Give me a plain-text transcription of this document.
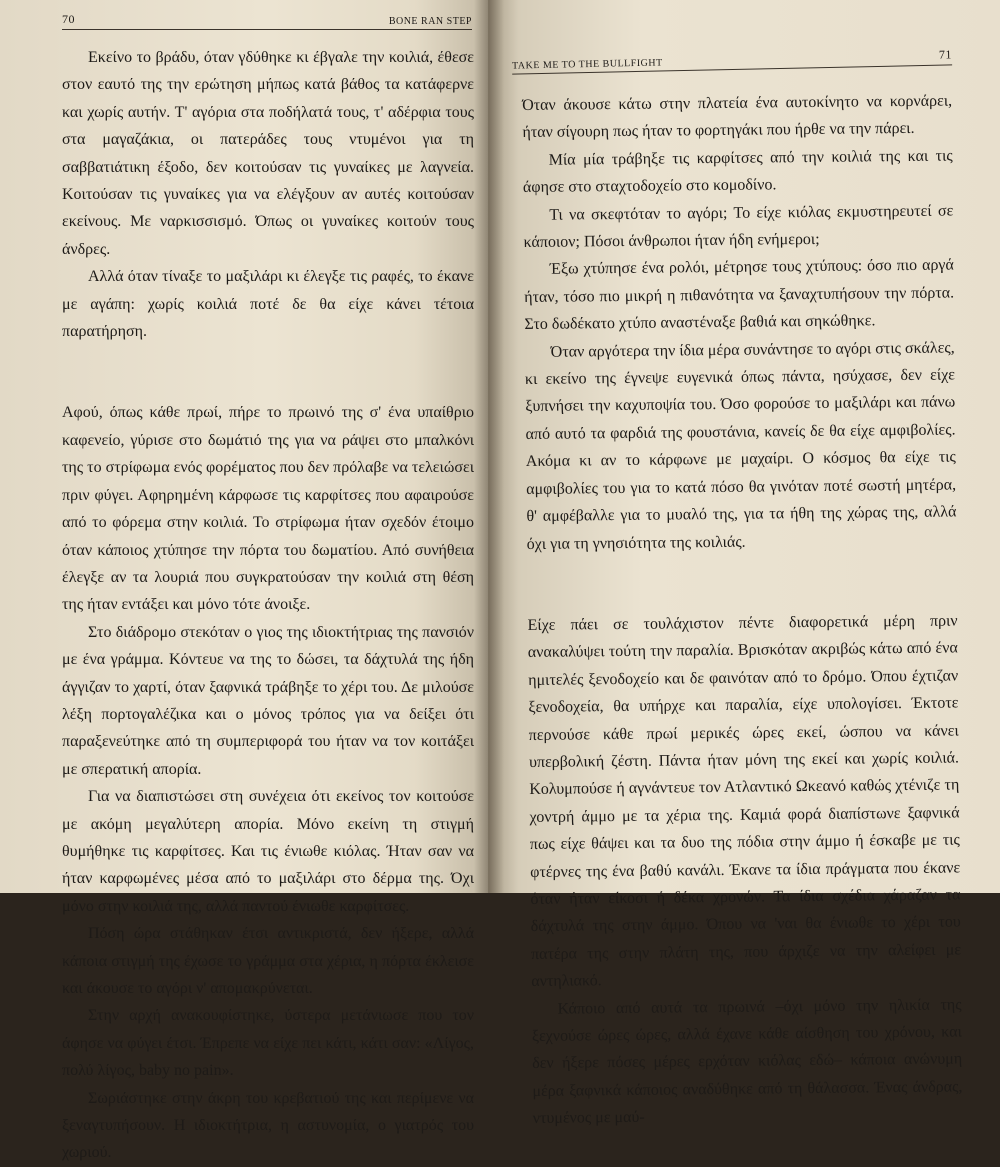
70	BONE RAN STEP

Εκείνο το βράδυ, όταν γδύθηκε κι έβγαλε την κοιλιά, έθεσε στον εαυτό της την ερώτηση μήπως κατά βάθος τα κατάφερνε και χωρίς αυτήν. Τ' αγόρια στα ποδήλατά τους, τ' αδέρφια τους στα μαγαζάκια, οι πατεράδες τους ντυμένοι για τη σαββατιάτικη έξοδο, δεν κοιτούσαν τις γυναίκες με λαγνεία. Κοιτούσαν τις γυναίκες για να ελέγξουν αν αυτές κοιτούσαν εκείνους. Με ναρκισσισμό. Όπως οι γυναίκες κοιτούν τους άνδρες.

Αλλά όταν τίναξε το μαξιλάρι κι έλεγξε τις ραφές, το έκανε με αγάπη: χωρίς κοιλιά ποτέ δε θα είχε κάνει τέτοια παρατήρηση.

Αφού, όπως κάθε πρωί, πήρε το πρωινό της σ' ένα υπαίθριο καφενείο, γύρισε στο δωμάτιό της για να ράψει στο μπαλκόνι της το στρίφωμα ενός φορέματος που δεν πρόλαβε να τελειώσει πριν φύγει. Αφηρημένη κάρφωσε τις καρφίτσες που αφαιρούσε από το φόρεμα στην κοιλιά. Το στρίφωμα ήταν σχεδόν έτοιμο όταν κάποιος χτύπησε την πόρτα του δωματίου. Από συνήθεια έλεγξε αν τα λουριά που συγκρατούσαν την κοιλιά στη θέση της ήταν εντάξει και μόνο τότε άνοιξε.

Στο διάδρομο στεκόταν ο γιος της ιδιοκτήτριας της πανσιόν με ένα γράμμα. Κόντευε να της το δώσει, τα δάχτυλά της ήδη άγγιζαν το χαρτί, όταν ξαφνικά τράβηξε το χέρι του. Δε μιλούσε λέξη πορτογαλέζικα και ο μόνος τρόπος για να δείξει ότι παραξενεύτηκε από τη συμπεριφορά του ήταν να τον κοιτάξει με σπερατική απορία.

Για να διαπιστώσει στη συνέχεια ότι εκείνος τον κοιτούσε με ακόμη μεγαλύτερη απορία. Μόνο εκείνη τη στιγμή θυμήθηκε τις καρφίτσες. Και τις ένιωθε κιόλας. Ήταν σαν να ήταν καρφωμένες μέσα από το μαξιλάρι στο δέρμα της. Όχι μόνο στην κοιλιά της, αλλά παντού ένιωθε καρφίτσες.

Πόση ώρα στάθηκαν έτσι αντικριστά, δεν ήξερε, αλλά κάποια στιγμή της έχωσε το γράμμα στα χέρια, η πόρτα έκλεισε και άκουσε το αγόρι ν' απομακρύνεται.

Στην αρχή ανακουφίστηκε, ύστερα μετάνιωσε που τον άφησε να φύγει έτσι. Έπρεπε να είχε πει κάτι, κάτι σαν: «Λίγος, πολύ λίγος, baby no pain».

Σωριάστηκε στην άκρη του κρεβατιού της και περίμενε να ξεναγτυπήσουν. Η ιδιοκτήτρια, η αστυνομία, ο γιατρός του χωριού.

TAKE ME TO THE BULLFIGHT
71

Όταν άκουσε κάτω στην πλατεία ένα αυτοκίνητο να κορνάρει, ήταν σίγουρη πως ήταν το φορτηγάκι που ήρθε να την πάρει.

Μία μία τράβηξε τις καρφίτσες από την κοιλιά της και τις άφησε στο σταχτοδοχείο στο κομοδίνο.

Τι να σκεφτόταν το αγόρι; Το είχε κιόλας εκμυστηρευτεί σε κάποιον; Πόσοι άνθρωποι ήταν ήδη ενήμεροι;

Έξω χτύπησε ένα ρολόι, μέτρησε τους χτύπους: όσο πιο αργά ήταν, τόσο πιο μικρή η πιθανότητα να ξαναχτυπήσουν την πόρτα. Στο δωδέκατο χτύπο αναστέναξε βαθιά και σηκώθηκε.

Όταν αργότερα την ίδια μέρα συνάντησε το αγόρι στις σκάλες, κι εκείνο της έγνεψε ευγενικά όπως πάντα, ησύχασε, δεν είχε ξυπνήσει την καχυποψία του. Όσο φορούσε το μαξιλάρι και πάνω από αυτό τα φαρδιά της φουστάνια, κανείς δε θα είχε αμφιβολίες. Ακόμα κι αν το κάρφωνε με μαχαίρι. Ο κόσμος θα είχε τις αμφιβολίες του για το κατά πόσο θα γινόταν ποτέ σωστή μητέρα, θ' αμφέβαλλε για το μυαλό της, για τα ήθη της χώρας της, αλλά όχι για τη γνησιότητα της κοιλιάς.

Είχε πάει σε τουλάχιστον πέντε διαφορετικά μέρη πριν ανακαλύψει τούτη την παραλία. Βρισκόταν ακριβώς κάτω από ένα ημιτελές ξενοδοχείο και δε φαινόταν από το δρόμο. Όπου έχτιζαν ξενοδοχεία, θα υπήρχε και παραλία, είχε υπολογίσει. Έκτοτε περνούσε κάθε πρωί μερικές ώρες εκεί, ώσπου να κάνει υπερβολική ζέστη. Πάντα ήταν μόνη της εκεί και χωρίς κοιλιά. Κολυμπούσε ή αγνάντευε τον Ατλαντικό Ωκεανό καθώς χτένιζε τη χοντρή άμμο με τα χέρια της. Καμιά φορά διαπίστωνε ξαφνικά πως είχε θάψει και τα δυο της πόδια στην άμμο ή έσκαβε με τις φτέρνες της ένα βαθύ κανάλι. Έκανε τα ίδια πράγματα που έκανε όταν ήταν είκοσι ή δέκα χρονών. Τα ίδια σχέδια χάραζαν τα δάχτυλά της στην άμμο. Όπου να 'ναι θα ένιωθε το χέρι του πατέρα της στην πλάτη της, που άρχιζε να την αλείφει με αντηλιακό.

Κάποιο από αυτά τα πρωινά –όχι μόνο την ηλικία της ξεχνούσε ώρες ώρες, αλλά έχανε κάθε αίσθηση του χρόνου, και δεν ήξερε πόσες μέρες ερχόταν κιόλας εδώ– κάποια ανώνυμη μέρα ξαφνικά κάποιος αναδύθηκε από τη θάλασσα. Ένας άνδρας, ντυμένος με μαύ-
